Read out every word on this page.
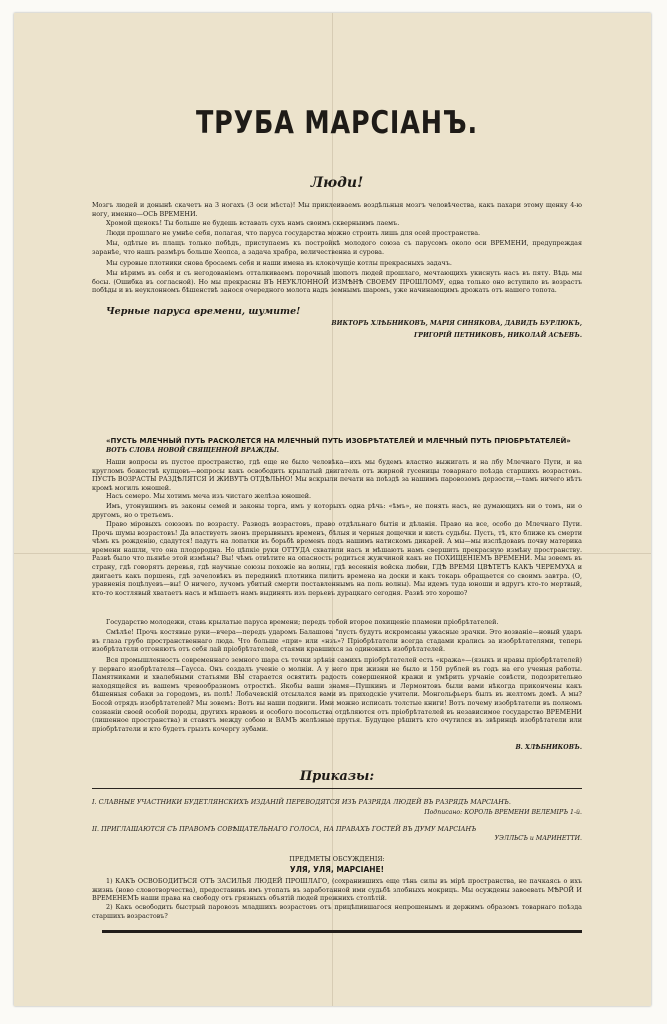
ТРУБА МАРСІАНЪ.
Люди!

Мозгъ людей и донынѣ скачетъ на 3 ногахъ (3 оси мѣста)! Мы приклеиваемъ воздѣльныя мозгъ человѣчества, какъ пахари этому щенку 4-ю ногу, именно—ОСЬ ВРЕМЕНИ.

Хромой щенокъ! Ты больше не будешь вставать сухъ намъ своимъ скверныимъ лаемъ.

Люди прошлаго не умнѣе себя, полагая, что паруса государства можно строить лишь для осей пространства.

Мы, одѣтые въ плащъ только побѣдъ, приступаемъ къ постройкѣ молодого союза съ парусомъ около оси ВРЕМЕНИ, предупреждая заранѣе, что нашъ размѣръ больше Хеопса, а задача храбра, величественна и сурова.

Мы суровые плотники снова бросаемъ себя и наши имена въ клокочущіе котлы прекрасныхъ задачъ.

Мы вѣримъ въ себя и съ негодованіемъ отталкиваемъ порочный шопотъ людей прошлаго, мечтающихъ укиснуть насъ въ пяту. Вѣдь мы босы. (Ошибка въ согласной). Но мы прекрасны ВЪ НЕУКЛОННОЙ ИЗМѢНѢ СВОЕМУ ПРОШЛОМУ, едва только оно вступило въ возрастъ побѣды и въ неуклонномъ бѣшенствѣ занося очередного молота надъ земнымъ шаромъ, уже начинающимъ дрожать отъ нашего топота.

Черные паруса времени, шумите!
ВИКТОРЪ ХЛѢБНИКОВЪ, МАРІЯ СИНЯКОВА, ДАВИДЪ БУРЛЮКЪ,
ГРИГОРІЙ ПЕТНИКОВЪ, НИКОЛАЙ АСѢЕВЪ.
«ПУСТЬ МЛЕЧНЫЙ ПУТЬ РАСКОЛЕТСЯ НА МЛЕЧНЫЙ ПУТЬ ИЗОБРѢТАТЕЛЕЙ И МЛЕЧНЫЙ ПУТЬ ПРІОБРѢТАТЕЛЕЙ»
ВОТЪ СЛОВА НОВОЙ СВЯЩЕННОЙ ВРАЖДЫ.

Наши вопросы въ пустое пространство, гдѣ еще не было человѣка—ихъ мы будемъ властно выжигать и на лбу Млечнаго Пути, и на кругломъ божествѣ купцовъ—вопросы какъ освободить крылатый двигатель отъ жирной гусеницы товарнаго поѣзда старшихъ возрастовъ. ПУСТЬ ВОЗРАСТЫ РАЗДѢЛЯТСЯ И ЖИВУТЪ ОТДѢЛЬНО! Мы вскрыли печати на поѣздѣ за нашимъ паровозомъ дерзости,—тамъ ничего нѣтъ кромѣ могилъ юношей.

Насъ семеро. Мы хотимъ меча изъ чистаго желѣза юношей.

Имъ, утонувшимъ въ законы семей и законы торга, имъ у которыхъ одна рѣчь: «ѣмъ», не понять насъ, не думающихъ ни о томъ, ни о другомъ, но о третьемъ.

Право міровыхъ союзовъ по возрасту. Разводъ возрастовъ, право отдѣльнаго бытія и дѣланія. Право на все, особо до Млечнаго Пути. Прочь шумы возрастовъ! Да властвуетъ звонъ прерывныхъ временъ, бѣлыя и черныя дощечки и кисть судьбы. Пусть, тѣ, кто ближе къ смерти чѣмъ къ рожденію, сдадутся! падутъ на лопатки въ борьбѣ временъ подъ нашимъ натискомъ дикарей. А мы—мы изслѣдовавъ почву материка времени нашли, что она плодородна. Но цѣпкіе руки ОТТУДА схватили насъ и мѣшаютъ намъ свершить прекрасную измѣну пространству. Развѣ было что пьянѣе этой измѣны? Вы! чѣмъ отвѣтите на опасность родиться жужчиной какъ не ПОХИЩЕНІЕМЪ ВРЕМЕНИ. Мы зовемъ въ страну, гдѣ говорятъ деревья, гдѣ научные союзы похожіе на волны, гдѣ весеннія войска любви, ГДѢ ВРЕМЯ ЦВѢТЕТЪ КАКЪ ЧЕРЕМУХА и двигаетъ какъ поршень, гдѣ зачеловѣкъ въ передникѣ плотника пилитъ времена на доски и какъ токарь обращается со своимъ завтра. (О, уравненія поцѣлуевъ—вы! О ничего, лучомъ убитый смерти поставленнымъ на поль волны). Мы идемъ туда юноши и вдругъ кто-то мертвый, кто-то костлявый хватаетъ насъ и мѣшаетъ намъ выдинять изъ перьевъ дурацкаго сегодня. Развѣ это хорошо?

Государство молодежи, ставь крылатые паруса времени; передъ тобой второе похищеніе пламени пріобрѣтателей.

Смѣлѣе! Прочь костявые руки—вчера—передъ ударомъ Балашова "пусть будутъ искромсаны ужасные зрачки. Это возваніе—новый ударъ въ глаза грубо пространственнаго люда. Что больше «при» или «нзъ»? Пріобрѣтатели всегда стадами крались за изобрѣтателями, теперь изобрѣтатели отгоняютъ отъ себя лай пріобрѣтателей, стаями кравшихся за одинокихъ изобрѣтателей.

Вся промышленность современнаго земного шара съ точки зрѣнія самихъ пріобрѣтателей есть «кража»—(языкъ и нравы пріобрѣтателей) у перваго изобрѣтателя—Гаусса. Онъ создалъ ученіе о молніи. А у него при жизни не было и 150 рублей въ годъ на его ученыя работы. Памятниками и хвалебными статьями ВЫ старается освятить радость совершенной кражи и умѣрить урчаніе совѣсти, подозрительно находящейся въ вашемъ чревообразномъ отросткѣ. Якобы ваши знамя—Пушкинъ и Лермонтовъ были вами нѣкогда прикончены какъ бѣшенныя собаки за городомъ, въ полѣ! Лобачевскій отсылался вами въ приходскіе учители. Монгольфьеръ былъ въ желтомъ домѣ. А мы? Босой отрядъ изобрѣтателей? Мы зовемъ: Вотъ вы наши подвиги. Ими можно исписать толстые книги! Вотъ почему изобрѣтатели въ полномъ сознаніи своей особой породы, другихъ нравовъ и особого посольства отдѣляются отъ пріобрѣтателей въ независимое государство ВРЕМЕНИ (лишенное пространства) и ставятъ между собою и ВАМЪ желѣзные прутья. Будущее рѣшитъ кто очутился въ звѣринцѣ изобрѣтатели или пріобрѣтатели и кто будетъ грызть кочергу зубами.

В. ХЛѢБНИКОВЪ.
Приказы:
I. СЛАВНЫЕ УЧАСТНИКИ БУДЕТЛЯНСКИХЪ ИЗДАНІЙ ПЕРЕВОДЯТСЯ ИЗЪ РАЗРЯДА ЛЮДЕЙ ВЪ РАЗРЯДЪ МАРСІАНЪ.
Подписано: КОРОЛЬ ВРЕМЕНИ ВЕЛЕМІРЪ 1-й.
II. ПРИГЛАШАЮТСЯ СЪ ПРАВОМЪ СОВѢЩАТЕЛЬНАГО ГОЛОСА, НА ПРАВАХЪ ГОСТЕЙ ВЪ ДУМУ МАРСІАНЪ
УЭЛЛЬСЪ и МАРИНЕТТИ.
ПРЕДМЕТЫ ОБСУЖДЕНІЯ:
УЛЯ, УЛЯ, МАРСІАНЕ!

1) КАКЪ ОСВОБОДИТЬСЯ ОТЪ ЗАСИЛЬЯ ЛЮДЕЙ ПРОШЛАГО, (сохранившихъ еще тѣнь силы въ мірѣ пространства, не пачкаясь о ихъ жизнь (ново словотворчества), предоставивъ имъ утопать въ заработанной ими судьбѣ злобныхъ мокрицъ. Мы осуждены завоевать МѢРОЙ И ВРЕМЕНЕМЪ наши права на свободу отъ грязныхъ объятій людей прежнихъ столѣтій.

2) Какъ освободить быстрый паровозъ младшихъ возрастовъ отъ прицѣпившагося непрошенымъ и держимъ образомъ товарнаго поѣзда старшихъ возрастовъ?
